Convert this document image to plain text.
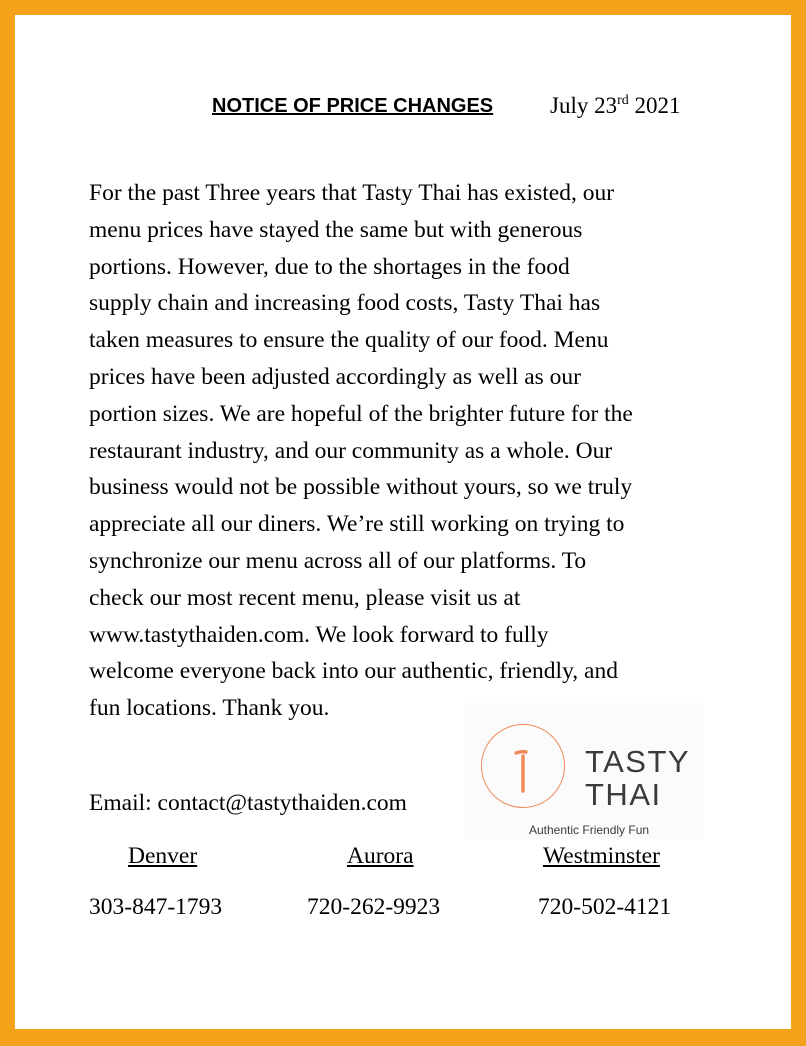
NOTICE OF PRICE CHANGES July 23rd 2021
For the past Three years that Tasty Thai has existed, our
menu prices have stayed the same but with generous
portions. However, due to the shortages in the food
supply chain and increasing food costs, Tasty Thai has
taken measures to ensure the quality of our food. Menu
prices have been adjusted accordingly as well as our
portion sizes. We are hopeful of the brighter future for the
restaurant industry, and our community as a whole. Our
business would not be possible without yours, so we truly
appreciate all our diners. We’re still working on trying to
synchronize our menu across all of our platforms. To
check our most recent menu, please visit us at
www.tastythaiden.com. We look forward to fully
welcome everyone back into our authentic, friendly, and
fun locations. Thank you.
TASTY
THAI
Authentic Friendly Fun
Email: contact@tastythaiden.com
Denver	Aurora	Westminster
303-847-1793	720-262-9923	720-502-4121
